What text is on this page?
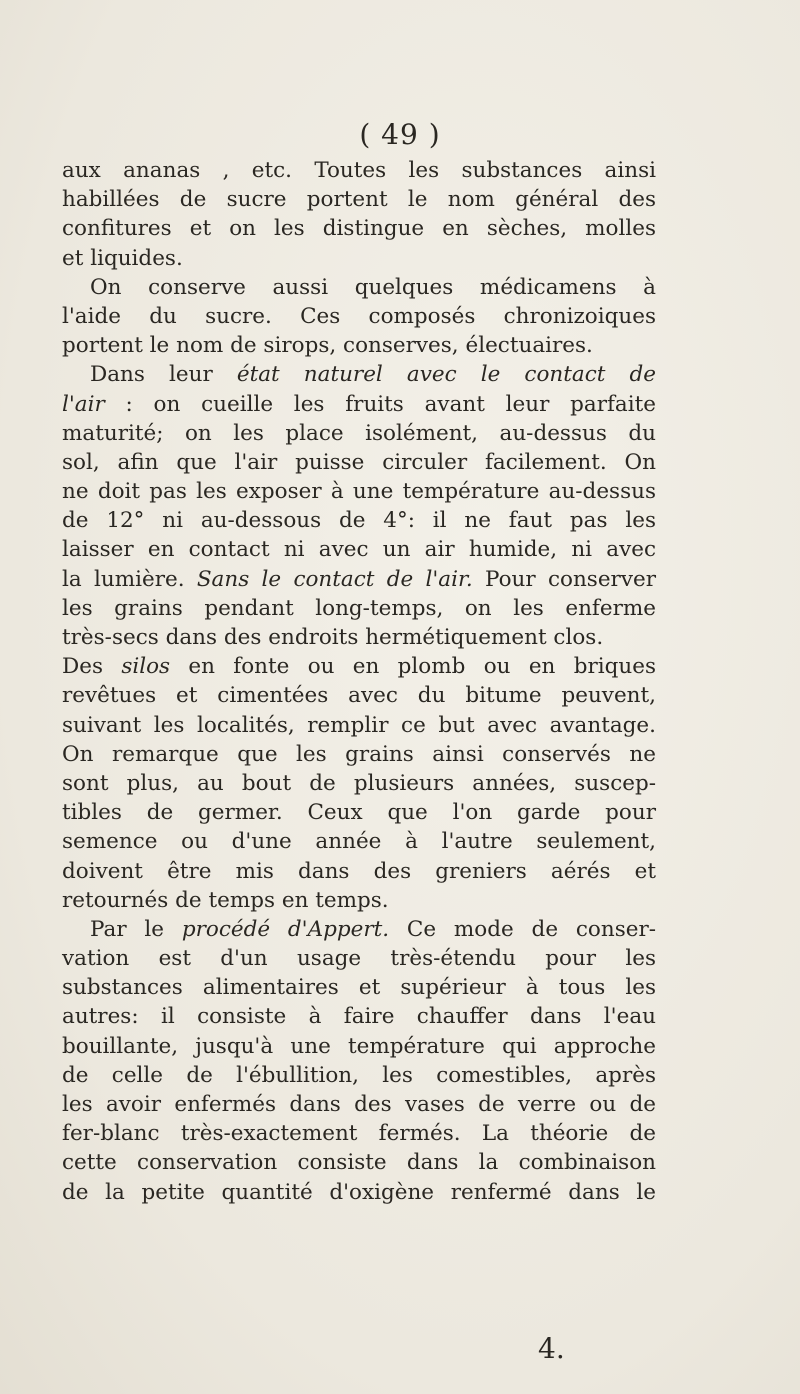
( 49 )
aux ananas , etc. Toutes les substances ainsi
habillées de sucre portent le nom général des
confitures et on les distingue en sèches, molles
et liquides.
On conserve aussi quelques médicamens à
l'aide du sucre. Ces composés chronizoiques
portent le nom de sirops, conserves, électuaires.
Dans leur état naturel avec le contact de
l'air : on cueille les fruits avant leur parfaite
maturité; on les place isolément, au-dessus du
sol, afin que l'air puisse circuler facilement. On
ne doit pas les exposer à une température au-dessus
de 12° ni au-dessous de 4°: il ne faut pas les
laisser en contact ni avec un air humide, ni avec
la lumière. Sans le contact de l'air. Pour conserver
les grains pendant long-temps, on les enferme
très-secs dans des endroits hermétiquement clos.
Des silos en fonte ou en plomb ou en briques
revêtues et cimentées avec du bitume peuvent,
suivant les localités, remplir ce but avec avantage.
On remarque que les grains ainsi conservés ne
sont plus, au bout de plusieurs années, suscep-
tibles de germer. Ceux que l'on garde pour
semence ou d'une année à l'autre seulement,
doivent être mis dans des greniers aérés et
retournés de temps en temps.
Par le procédé d'Appert. Ce mode de conser-
vation est d'un usage très-étendu pour les
substances alimentaires et supérieur à tous les
autres: il consiste à faire chauffer dans l'eau
bouillante, jusqu'à une température qui approche
de celle de l'ébullition, les comestibles, après
les avoir enfermés dans des vases de verre ou de
fer-blanc très-exactement fermés. La théorie de
cette conservation consiste dans la combinaison
de la petite quantité d'oxigène renfermé dans le
4.
